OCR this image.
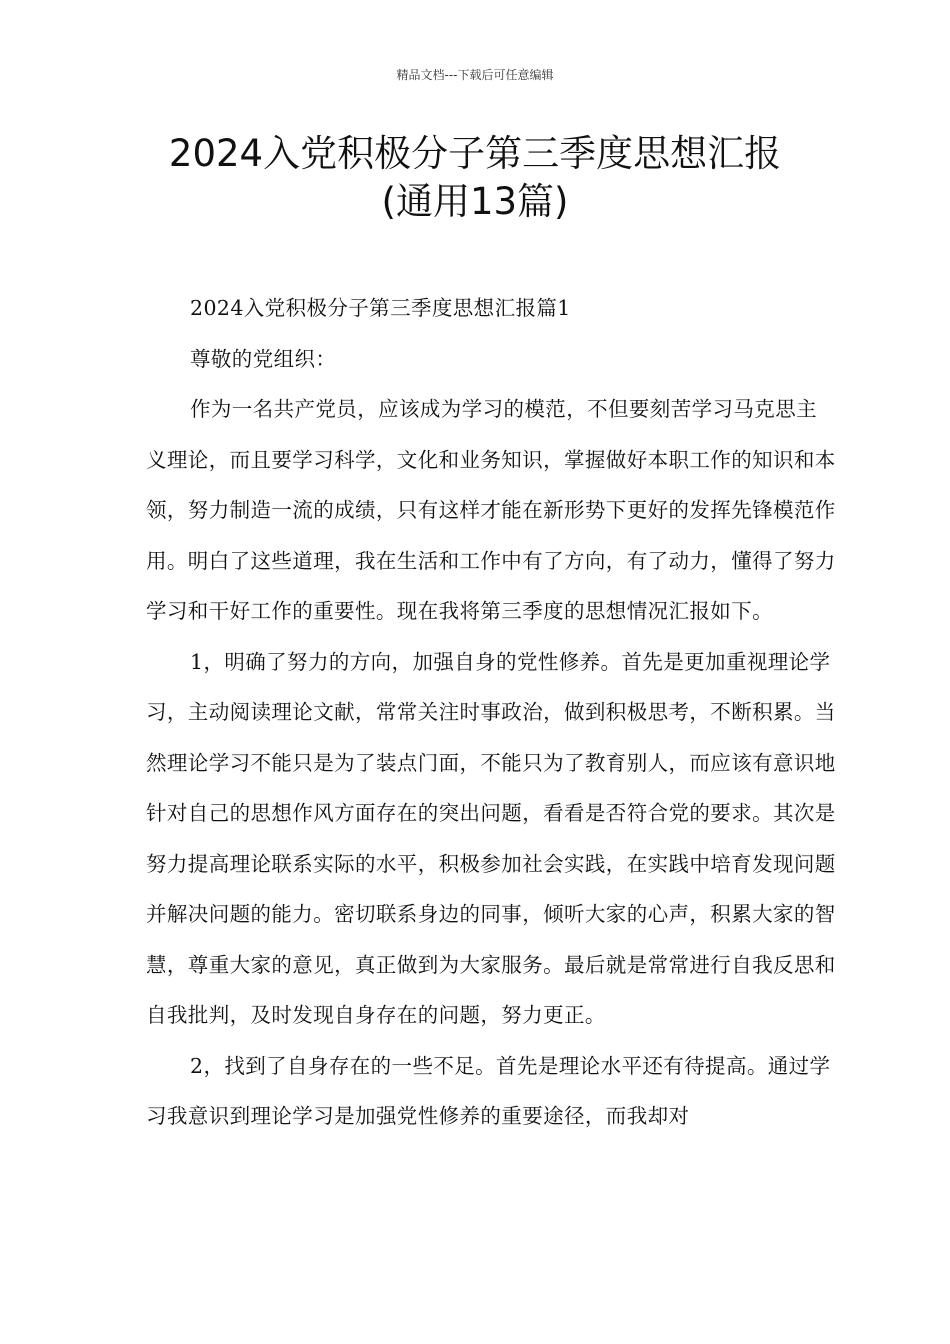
精品文档---下载后可任意编辑
2024入党积极分子第三季度思想汇报
(通用13篇)

2024入党积极分子第三季度思想汇报篇1

尊敬的党组织：

作为一名共产党员，应该成为学习的模范，不但要刻苦学习马克思主义理论，而且要学习科学，文化和业务知识，掌握做好本职工作的知识和本领，努力制造一流的成绩，只有这样才能在新形势下更好的发挥先锋模范作用。明白了这些道理，我在生活和工作中有了方向，有了动力，懂得了努力学习和干好工作的重要性。现在我将第三季度的思想情况汇报如下。

1，明确了努力的方向，加强自身的党性修养。首先是更加重视理论学习，主动阅读理论文献，常常关注时事政治，做到积极思考，不断积累。当然理论学习不能只是为了装点门面，不能只为了教育别人，而应该有意识地针对自己的思想作风方面存在的突出问题，看看是否符合党的要求。其次是努力提高理论联系实际的水平，积极参加社会实践，在实践中培育发现问题并解决问题的能力。密切联系身边的同事，倾听大家的心声，积累大家的智慧，尊重大家的意见，真正做到为大家服务。最后就是常常进行自我反思和自我批判，及时发现自身存在的问题，努力更正。

2，找到了自身存在的一些不足。首先是理论水平还有待提高。通过学习我意识到理论学习是加强党性修养的重要途径，而我却对
